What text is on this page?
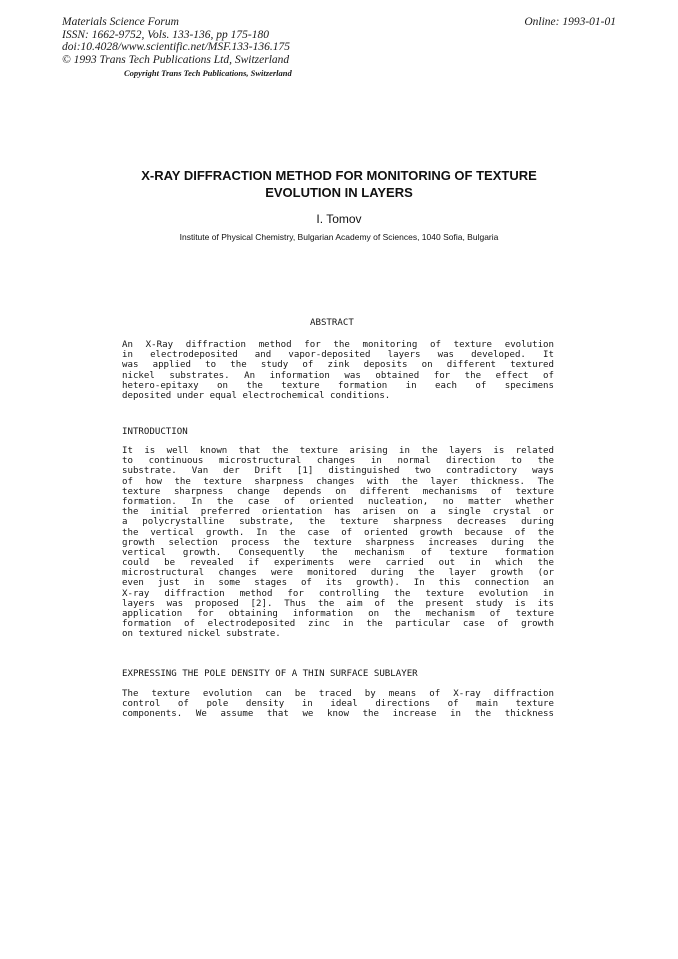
Materials Science Forum
ISSN: 1662-9752, Vols. 133-136, pp 175-180
doi:10.4028/www.scientific.net/MSF.133-136.175
© 1993 Trans Tech Publications Ltd, Switzerland
Online: 1993-01-01
Copyright Trans Tech Publications, Switzerland
X-RAY DIFFRACTION METHOD FOR MONITORING OF TEXTURE
EVOLUTION IN LAYERS
I. Tomov
Institute of Physical Chemistry, Bulgarian Academy of Sciences, 1040 Sofia, Bulgaria
ABSTRACT
An X-Ray diffraction method for the monitoring of texture evolution
in electrodeposited and vapor-deposited layers was developed. It
was applied to the study of zink deposits on different textured
nickel substrates. An information was obtained for the effect of
hetero-epitaxy on the texture formation in each of specimens
deposited under equal electrochemical conditions.
INTRODUCTION
It is well known that the texture arising in the layers is related
to continuous microstructural changes in normal direction to the
substrate. Van der Drift [1] distinguished two contradictory ways
of how the texture sharpness changes with the layer thickness. The
texture sharpness change depends on different mechanisms of texture
formation. In the case of oriented nucleation, no matter whether
the initial preferred orientation has arisen on a single crystal or
a polycrystalline substrate, the texture sharpness decreases during
the vertical growth. In the case of oriented growth because of the
growth selection process the texture sharpness increases during the
vertical growth. Consequently the mechanism of texture formation
could be revealed if experiments were carried out in which the
microstructural changes were monitored during the layer growth (or
even just in some stages of its growth). In this connection an
X-ray diffraction method for controlling the texture evolution in
layers was proposed [2]. Thus the aim of the present study is its
application for obtaining information on the mechanism of texture
formation of electrodeposited zinc in the particular case of growth
on textured nickel substrate.
EXPRESSING THE POLE DENSITY OF A THIN SURFACE SUBLAYER
The texture evolution can be traced by means of X-ray diffraction
control of pole density in ideal directions of main texture
components. We assume that we know the increase in the thickness
